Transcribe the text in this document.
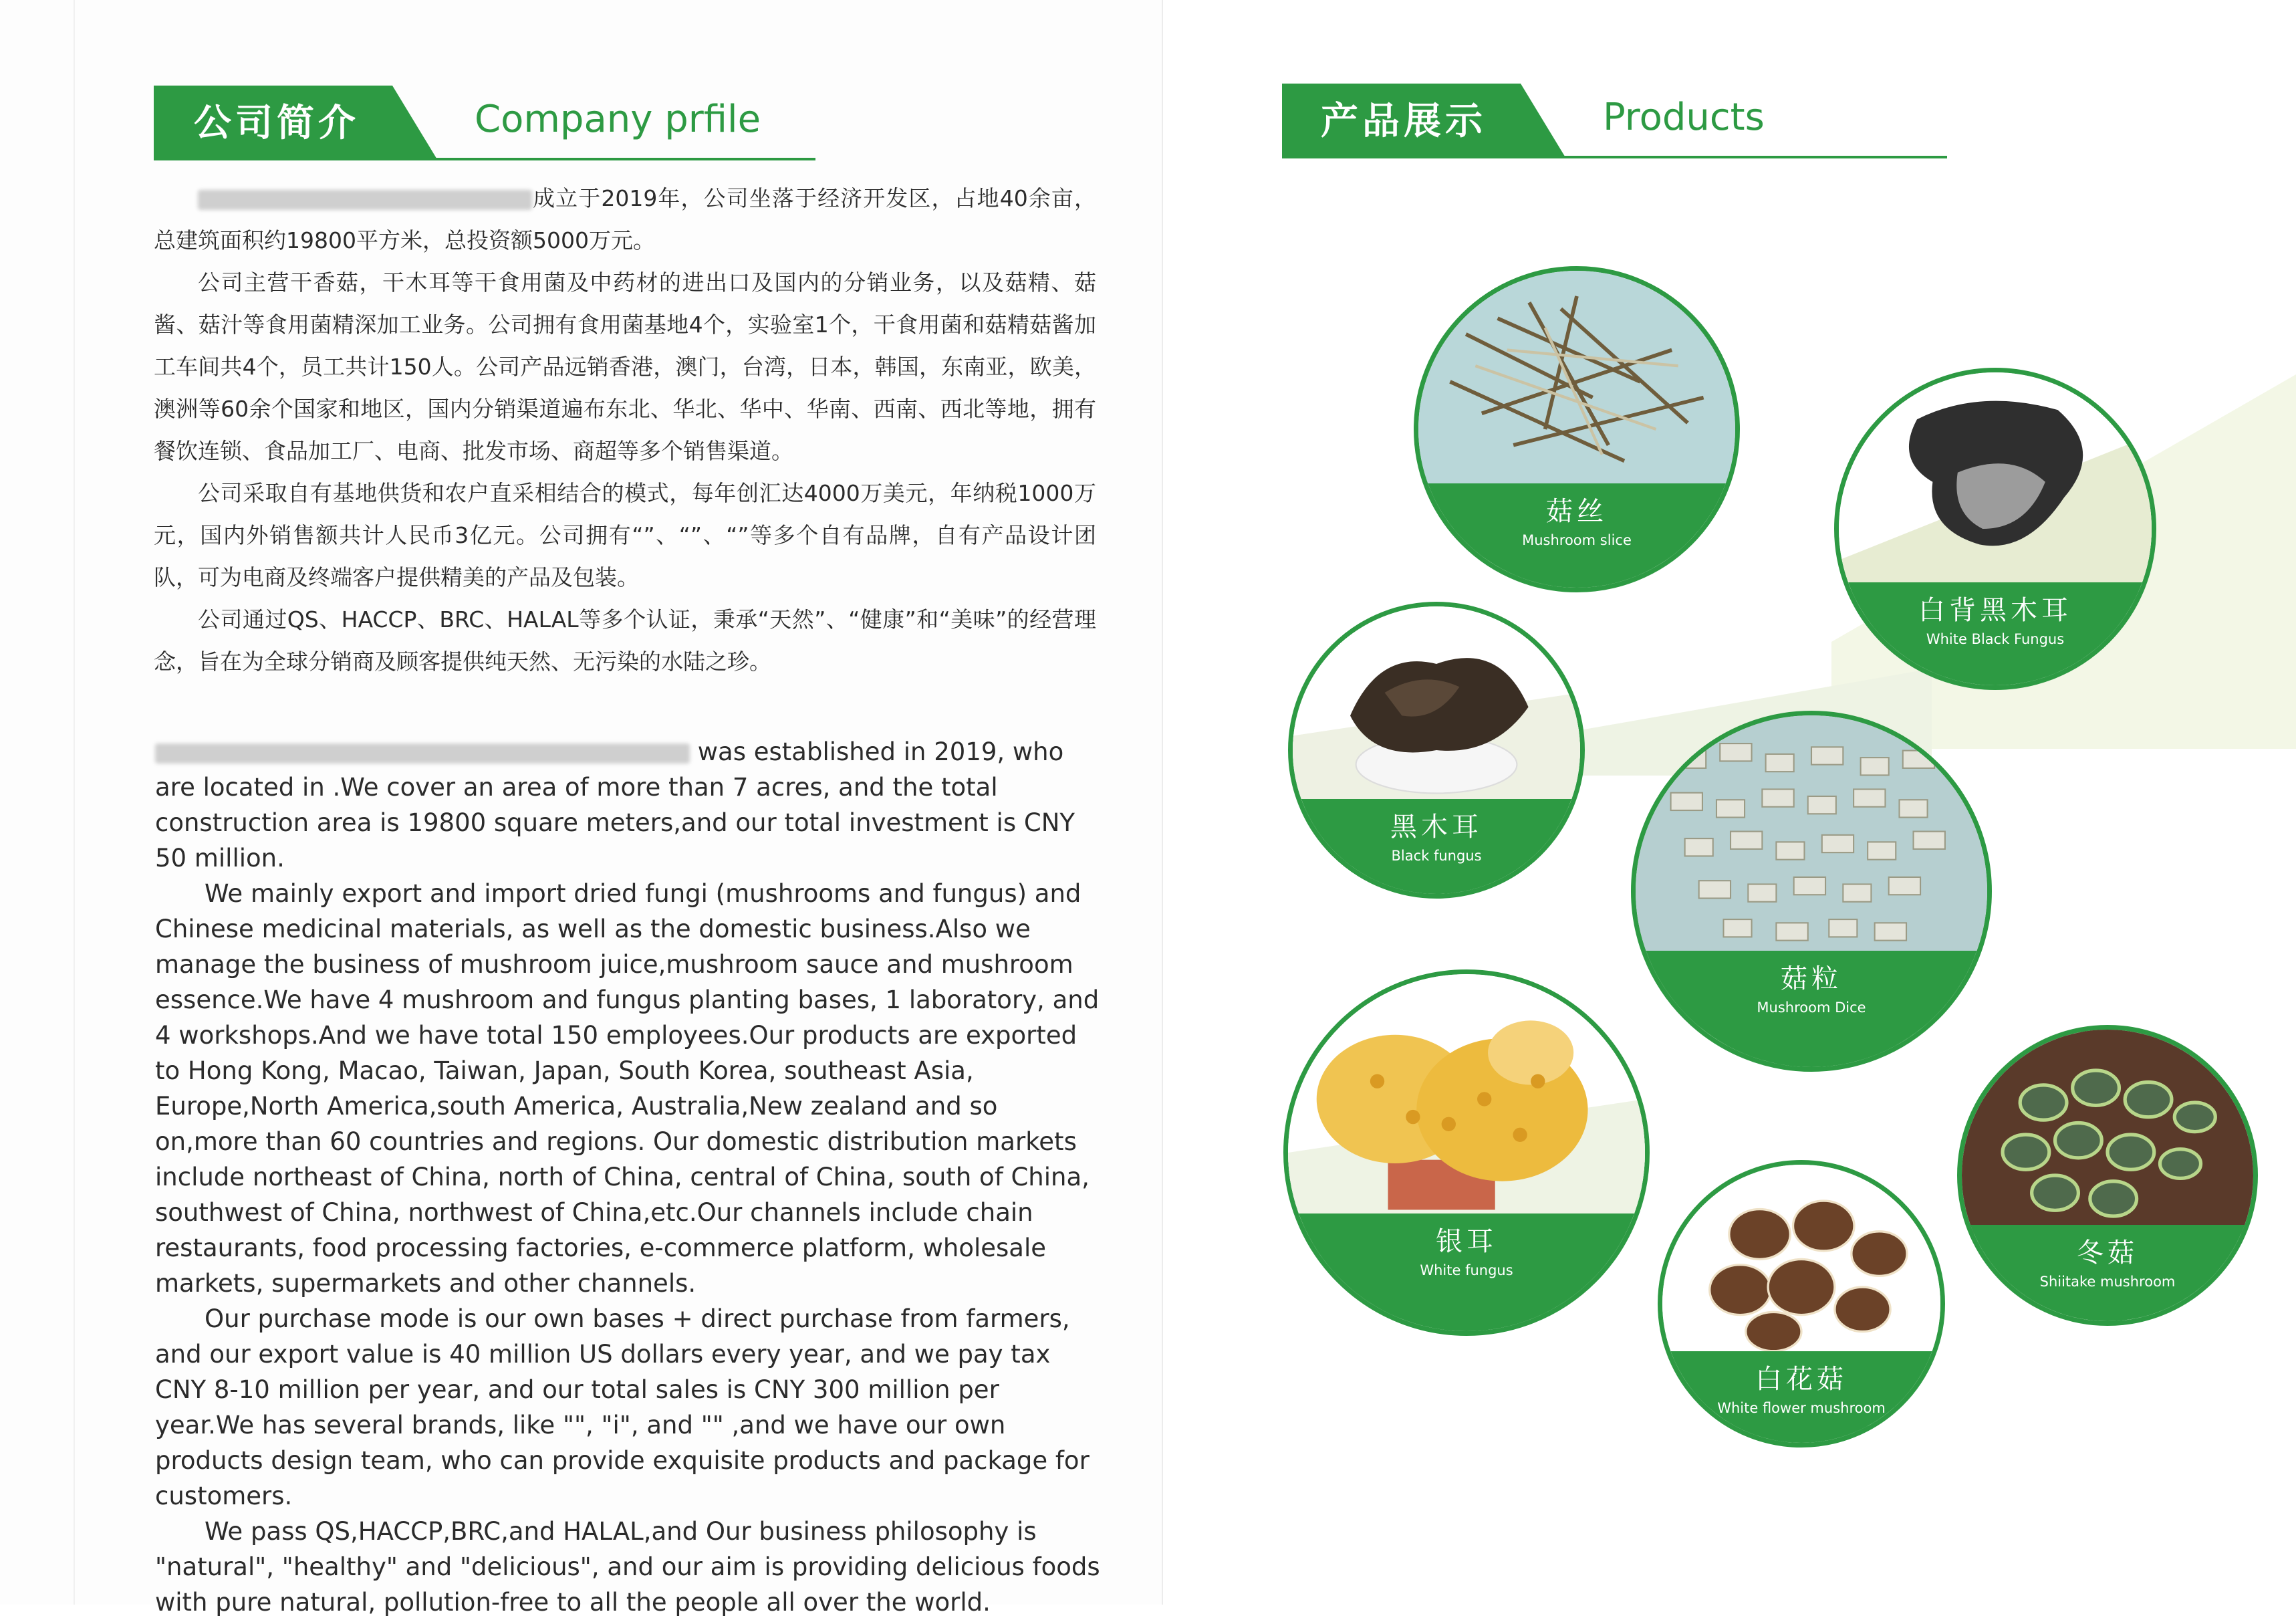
公司简介	Company prfile

成立于2019年，公司坐落于经济开发区，占地40余亩，总建筑面积约19800平方米，总投资额5000万元。

公司主营干香菇，干木耳等干食用菌及中药材的进出口及国内的分销业务，以及菇精、菇酱、菇汁等食用菌精深加工业务。公司拥有食用菌基地4个，实验室1个，干食用菌和菇精菇酱加工车间共4个，员工共计150人。公司产品远销香港，澳门，台湾，日本，韩国，东南亚，欧美，澳洲等60余个国家和地区，国内分销渠道遍布东北、华北、华中、华南、西南、西北等地，拥有餐饮连锁、食品加工厂、电商、批发市场、商超等多个销售渠道。

公司采取自有基地供货和农户直采相结合的模式，每年创汇达4000万美元，年纳税1000万元，国内外销售额共计人民币3亿元。公司拥有“”、“”、“”等多个自有品牌，自有产品设计团队，可为电商及终端客户提供精美的产品及包装。

公司通过QS、HACCP、BRC、HALAL等多个认证，秉承“天然”、“健康”和“美味”的经营理念，旨在为全球分销商及顾客提供纯天然、无污染的水陆之珍。

was established in 2019, who are located in .We cover an area of more than 7 acres, and the total construction area is 19800 square meters,and our total investment is CNY 50 million.

We mainly export and import dried fungi (mushrooms and fungus) and Chinese medicinal materials, as well as the domestic business.Also we manage the business of mushroom juice,mushroom sauce and mushroom essence.We have 4 mushroom and fungus planting bases, 1 laboratory, and 4 workshops.And we have total 150 employees.Our products are exported to Hong Kong, Macao, Taiwan, Japan, South Korea, southeast Asia, Europe,North America,south America, Australia,New zealand and so on,more than 60 countries and regions. Our domestic distribution markets include northeast of China, north of China, central of China, south of China, southwest of China, northwest of China,etc.Our channels include chain restaurants, food processing factories, e-commerce platform, wholesale markets, supermarkets and other channels.

Our purchase mode is our own bases + direct purchase from farmers, and our export value is 40 million US dollars every year, and we pay tax CNY 8-10 million per year, and our total sales is CNY 300 million per year.We has several brands, like "", "i", and "" ,and we have our own products design team, who can provide exquisite products and package for customers.

We pass QS,HACCP,BRC,and HALAL,and Our business philosophy is "natural", "healthy" and "delicious", and our aim is providing delicious foods with pure natural, pollution-free to all the people all over the world.

产品展示	Products
菇丝
Mushroom slice
白背黑木耳
White Black Fungus
黑木耳
Black fungus
菇粒
Mushroom Dice
银耳
White fungus
冬菇
Shiitake mushroom
白花菇
White flower mushroom
